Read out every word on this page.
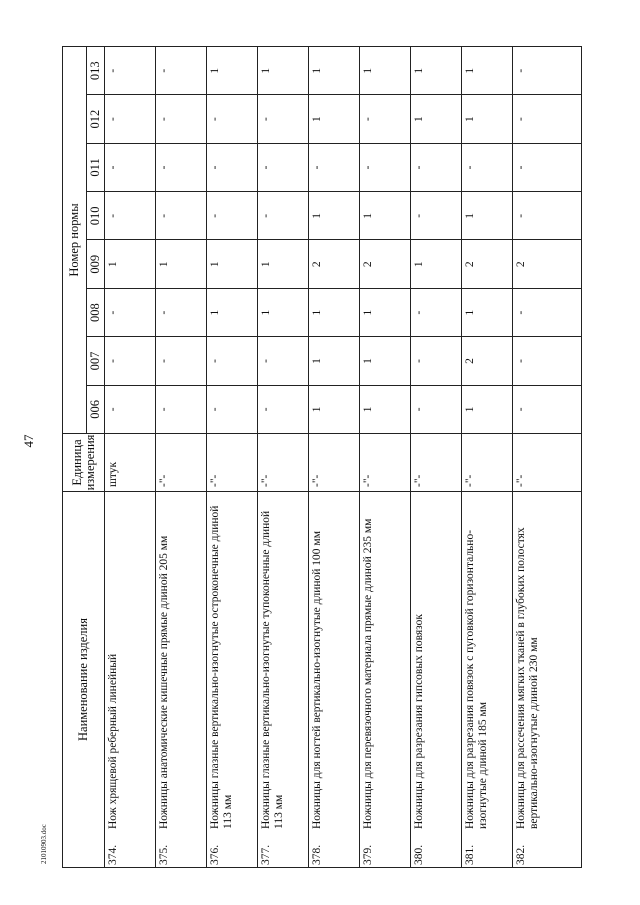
47
Наименование изделия	Единица измерения	Номер нормы							
		006	007	008	009	010	011	012	013
374.Нож хрящевой реберный линейный	штук	-	-	-	1	-	-	-	-
375.Ножницы анатомические кишечные прямые длиной 205 мм	-"-	-	-	-	1	-	-	-	-
376.Ножницы глазные вертикально-изогнутые остроконечные длиной 113 мм	-"-	-	-	1	1	-	-	-	1
377.Ножницы глазные вертикально-изогнутые тупоконечные длиной 113 мм	-"-	-	-	1	1	-	-	-	1
378.Ножницы для ногтей вертикально-изогнутые длиной 100 мм	-"-	1	1	1	2	1	-	1	1
379.Ножницы для перевязочного материала прямые длиной 235 мм	-"-	1	1	1	2	1	-	-	1
380.Ножницы для разрезания гипсовых повязок	-"-	-	-	-	1	-	-	1	1
381.Ножницы для разрезания повязок с пуговкой горизонтально-изогнутые длиной 185 мм	-"-	1	2	1	2	1	-	1	1
382.Ножницы для рассечения мягких тканей в глубоких полостях вертикально-изогнутые длиной 230 мм	-"-	-	-	-	2	-	-	-	-
21010903.doc
